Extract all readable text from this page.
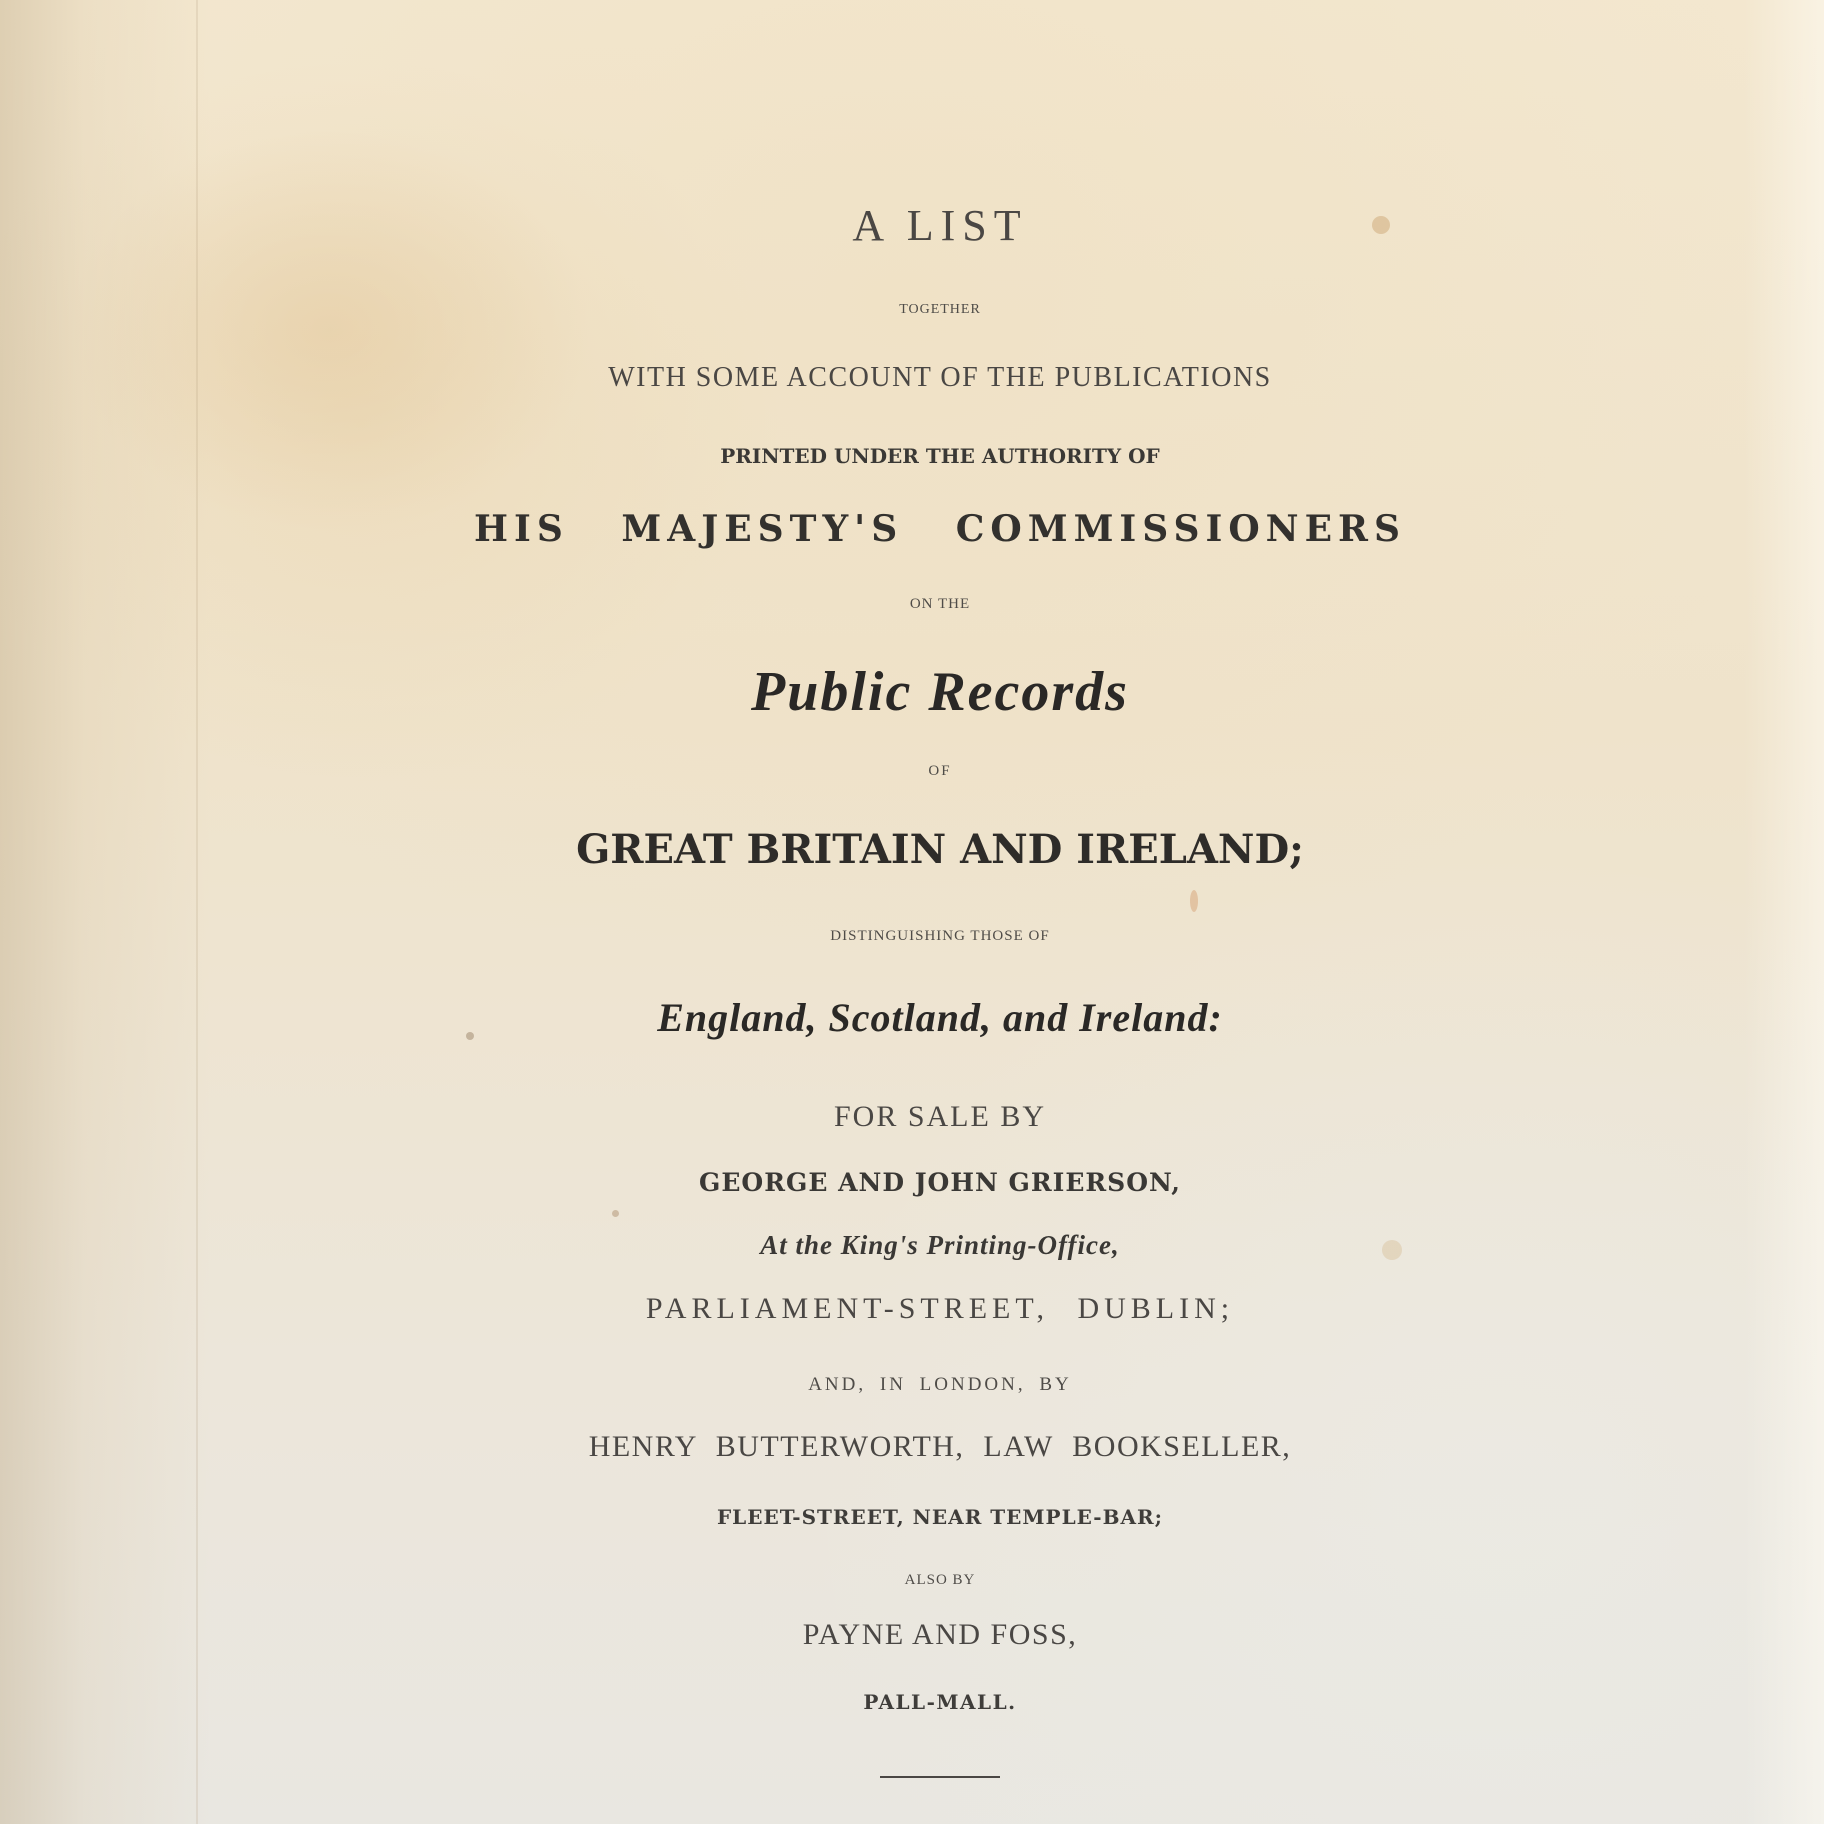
A LIST
TOGETHER
WITH SOME ACCOUNT OF THE PUBLICATIONS
PRINTED UNDER THE AUTHORITY OF
HIS MAJESTY'S COMMISSIONERS
ON THE
Public Records
OF
GREAT BRITAIN AND IRELAND;
DISTINGUISHING THOSE OF
England, Scotland, and Ireland:
FOR SALE BY
GEORGE AND JOHN GRIERSON,
At the King's Printing-Office,
PARLIAMENT-STREET, DUBLIN;
AND, IN LONDON, BY
HENRY BUTTERWORTH, LAW BOOKSELLER,
FLEET-STREET, NEAR TEMPLE-BAR;
ALSO BY
PAYNE AND FOSS,
PALL-MALL.
